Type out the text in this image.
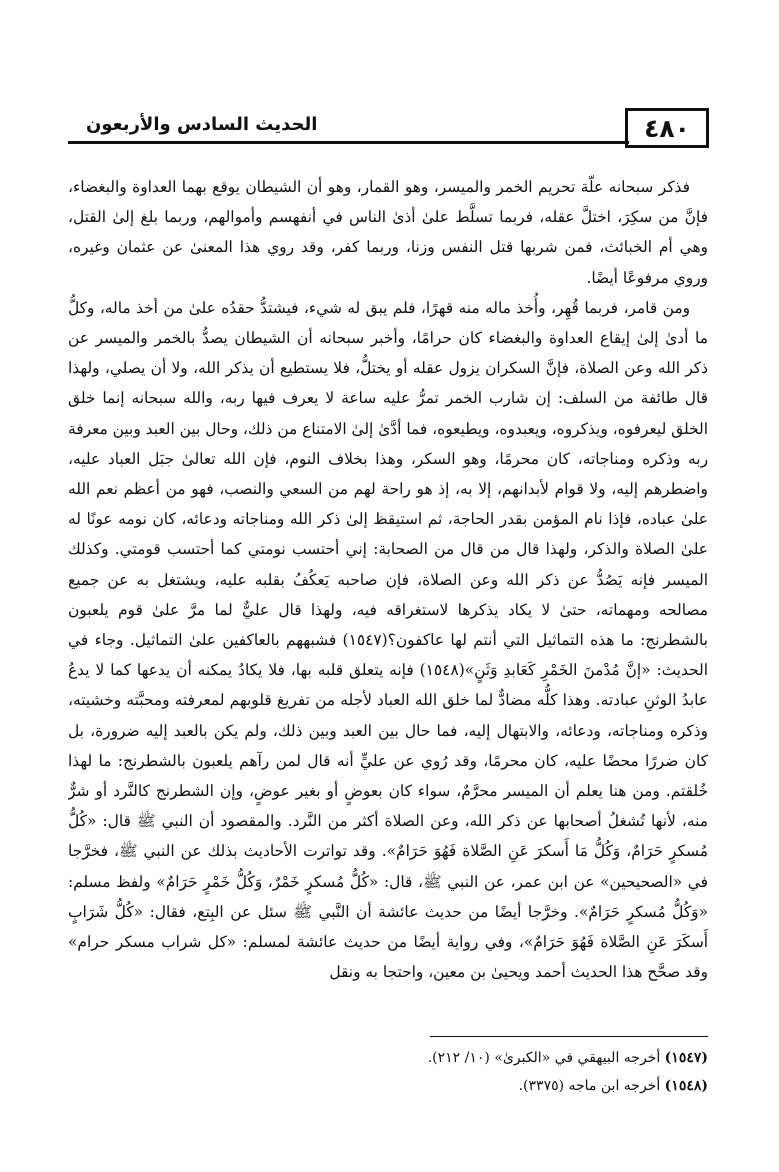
٤٨٠
الحديث السادس والأربعون

فذكر سبحانه علّة تحريم الخمر والميسر، وهو القمار، وهو أن الشيطان يوقع بهما العداوة والبغضاء، فإنَّ من سكِرَ، اختلَّ عقله، فربما تسلَّط علىٰ أذىٰ الناس في أنفهسم وأموالهم، وربما بلغ إلىٰ القتل، وهي أم الخبائث، فمن شربها قتل النفس وزنا، وربما كفر، وقد روي هذا المعنىٰ عن عثمان وغيره، وروي مرفوعًا أيضًا.

ومن قامر، فربما قُهِر، وأُخذ ماله منه قهرًا، فلم يبق له شيء، فيشتدُّ حقدُه علىٰ من أخذ ماله، وكلُّ ما أدىٰ إلىٰ إيقاع العداوة والبغضاء كان حرامًا، وأخبر سبحانه أن الشيطان يصدُّ بالخمر والميسر عن ذكر الله وعن الصلاة، فإنَّ السكران يزول عقله أو يختلُّ، فلا يستطيع أن يذكر الله، ولا أن يصلي، ولهذا قال طائفة من السلف: إن شارب الخمر تمرُّ عليه ساعة لا يعرف فيها ربه، والله سبحانه إنما خلق الخلق ليعرفوه، ويذكروه، ويعبدوه، ويطيعوه، فما أدَّىٰ إلىٰ الامتناع من ذلك، وحال بين العبد وبين معرفة ربه وذكره ومناجاته، كان محرمًا، وهو السكر، وهذا بخلاف النوم، فإن الله تعالىٰ جبَل العباد عليه، واضطرهم إليه، ولا قوام لأبدانهم، إلا به، إذ هو راحة لهم من السعي والنصب، فهو من أعظم نعم الله علىٰ عباده، فإذا نام المؤمن بقدر الحاجة، ثم استيقظ إلىٰ ذكر الله ومناجاته ودعائه، كان نومه عونًا له علىٰ الصلاة والذكر، ولهذا قال من قال من الصحابة: إني أحتسب نومتي كما أحتسب قومتي. وكذلك الميسر فإنه يَصُدُّ عن ذكر الله وعن الصلاة، فإن صاحبه يَعكُفُ بقلبه عليه، ويشتغل به عن جميع مصالحه ومهماته، حتىٰ لا يكاد يذكرها لاستغراقه فيه، ولهذا قال عليٌّ لما مرَّ علىٰ قوم يلعبون بالشطرنج: ما هذه التماثيل التي أنتم لها عاكفون؟(١٥٤٧) فشبههم بالعاكفين علىٰ التماثيل. وجاء في الحديث: «إنَّ مُدْمنَ الخَمْرِ كَعَابدِ وَثَنٍ»(١٥٤٨) فإنه يتعلق قلبه بها، فلا يكادُ يمكنه أن يدعها كما لا يدعُ عابدُ الوثنِ عبادته. وهذا كلُّه مضادٌّ لما خلق الله العباد لأجله من تفريغ قلوبهم لمعرفته ومحبَّته وخشيته، وذكره ومناجاته، ودعائه، والابتهال إليه، فما حال بين العبد وبين ذلك، ولم يكن بالعبد إليه ضرورة، بل كان ضررًا محضًا عليه، كان محرمًا، وقد رُوي عن عليٍّ أنه قال لمن رآهم يلعبون بالشطرنج: ما لهذا خُلقتم. ومن هنا يعلم أن الميسر محرَّمٌ، سواء كان بعوضٍ أو بغير عوضٍ، وإن الشطرنج كالنَّرد أو شرٌّ منه، لأنها تُشغلُ أصحابها عن ذكر الله، وعن الصلاة أكثر من النَّرد. والمقصود أن النبي ﷺ قال: «كُلُّ مُسكرٍ حَرَامٌ، وَكُلُّ مَا أَسكرَ عَنِ الصَّلاة فَهُوَ حَرَامٌ». وقد تواترت الأحاديث بذلك عن النبي ﷺ، فخرَّجا في «الصحيحين» عن ابن عمر، عن النبي ﷺ، قال: «كُلُّ مُسكرٍ خَمْرٌ، وَكُلُّ خَمْرٍ حَرَامٌ» ولفظ مسلم: «وَكُلُّ مُسكرٍ حَرَامٌ». وخرَّجا أيضًا من حديث عائشة أن النَّبي ﷺ سئل عن البِتع، فقال: «كُلُّ شَرَابٍ أَسكَرَ عَنِ الصَّلاة فَهُوَ حَرَامٌ»، وفي رواية أيضًا من حديث عائشة لمسلم: «كل شراب مسكر حرام» وقد صحَّح هذا الحديث أحمد ويحيىٰ بن معين، واحتجا به ونقل

(١٥٤٧) أخرجه البيهقي في «الكبرىٰ» (١٠/ ٢١٢).
(١٥٤٨) أخرجه ابن ماجه (٣٣٧٥).
